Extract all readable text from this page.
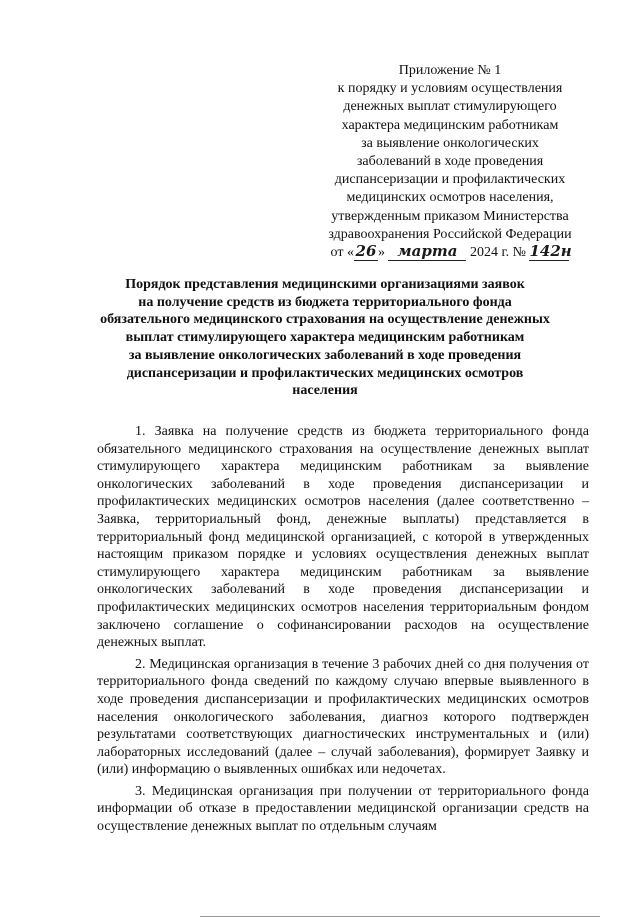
Приложение № 1
к порядку и условиям осуществления
денежных выплат стимулирующего
характера медицинским работникам
за выявление онкологических
заболеваний в ходе проведения
диспансеризации и профилактических
медицинских осмотров населения,
утвержденным приказом Министерства
здравоохранения Российской Федерации
от « 26 » марта 2024 г. № 142н
Порядок представления медицинскими организациями заявок
на получение средств из бюджета территориального фонда
обязательного медицинского страхования на осуществление денежных
выплат стимулирующего характера медицинским работникам
за выявление онкологических заболеваний в ходе проведения
диспансеризации и профилактических медицинских осмотров
населения

1. Заявка на получение средств из бюджета территориального фонда обязательного медицинского страхования на осуществление денежных выплат стимулирующего характера медицинским работникам за выявление онкологических заболеваний в ходе проведения диспансеризации и профилактических медицинских осмотров населения (далее соответственно – Заявка, территориальный фонд, денежные выплаты) представляется в территориальный фонд медицинской организацией, с которой в утвержденных настоящим приказом порядке и условиях осуществления денежных выплат стимулирующего характера медицинским работникам за выявление онкологических заболеваний в ходе проведения диспансеризации и профилактических медицинских осмотров населения территориальным фондом заключено соглашение о софинансировании расходов на осуществление денежных выплат.

2. Медицинская организация в течение 3 рабочих дней со дня получения от территориального фонда сведений по каждому случаю впервые выявленного в ходе проведения диспансеризации и профилактических медицинских осмотров населения онкологического заболевания, диагноз которого подтвержден результатами соответствующих диагностических инструментальных и (или) лабораторных исследований (далее – случай заболевания), формирует Заявку и (или) информацию о выявленных ошибках или недочетах.

3. Медицинская организация при получении от территориального фонда информации об отказе в предоставлении медицинской организации средств на осуществление денежных выплат по отдельным случаям
